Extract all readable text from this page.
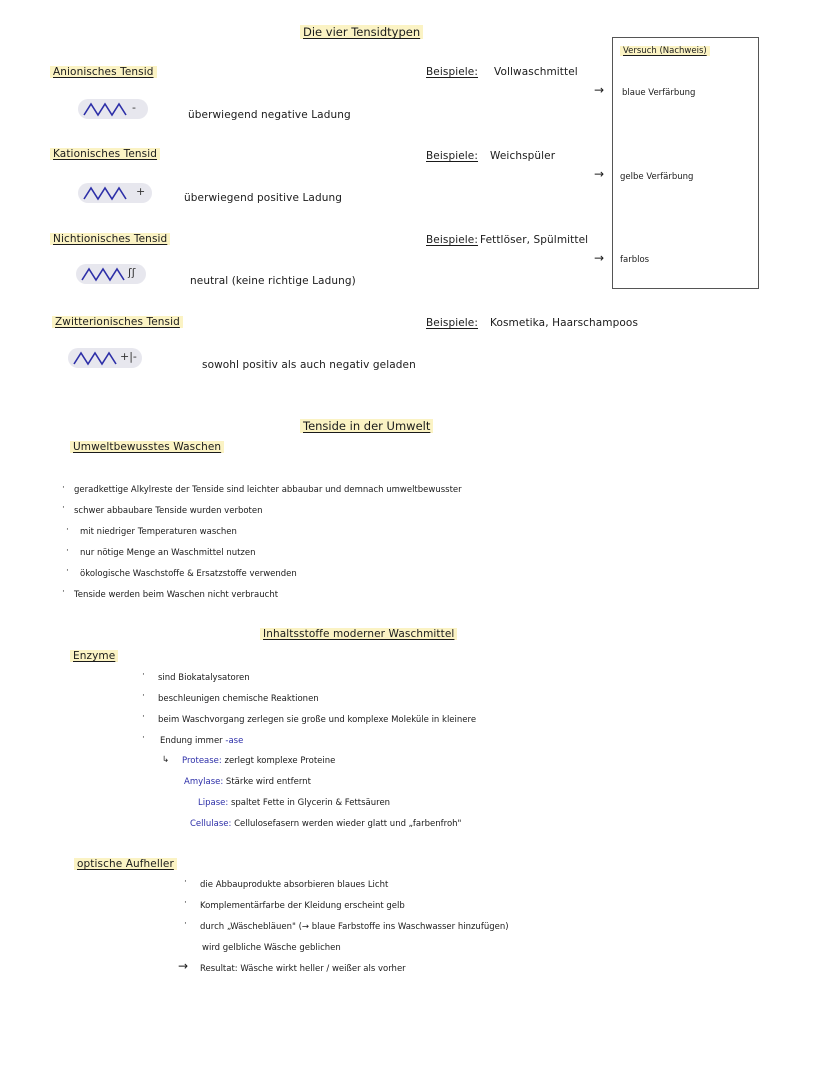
Die vier Tensidtypen
Anionisches Tensid
-
überwiegend negative Ladung
Beispiele: Vollwaschmittel
Kationisches Tensid
+	überwiegend positive Ladung
Beispiele: Weichspüler
Nichtionisches Tensid
ʃʃ
neutral (keine richtige Ladung)
Beispiele: Fettlöser, Spülmittel
Zwitterionisches Tensid
+|-
sowohl positiv als auch negativ geladen
Beispiele: Kosmetika, Haarschampoos
Versuch (Nachweis)
→ blaue Verfärbung
→ gelbe Verfärbung
→ farblos
Tenside in der Umwelt
Umweltbewusstes Waschen
· geradkettige Alkylreste der Tenside sind leichter abbaubar und demnach umweltbewusster
· schwer abbaubare Tenside wurden verboten
· mit niedriger Temperaturen waschen
· nur nötige Menge an Waschmittel nutzen
· ökologische Waschstoffe & Ersatzstoffe verwenden
· Tenside werden beim Waschen nicht verbraucht
Inhaltsstoffe moderner Waschmittel
Enzyme
· sind Biokatalysatoren
· beschleunigen chemische Reaktionen
· beim Waschvorgang zerlegen sie große und komplexe Moleküle in kleinere
· Endung immer -ase
↳ Protease: zerlegt komplexe Proteine
Amylase: Stärke wird entfernt
Lipase: spaltet Fette in Glycerin & Fettsäuren
Cellulase: Cellulosefasern werden wieder glatt und „farbenfroh"
optische Aufheller
· die Abbauprodukte absorbieren blaues Licht
· Komplementärfarbe der Kleidung erscheint gelb
· durch „Wäschebläuen" (→ blaue Farbstoffe ins Waschwasser hinzufügen)
wird gelbliche Wäsche geblichen
→ Resultat: Wäsche wirkt heller / weißer als vorher
